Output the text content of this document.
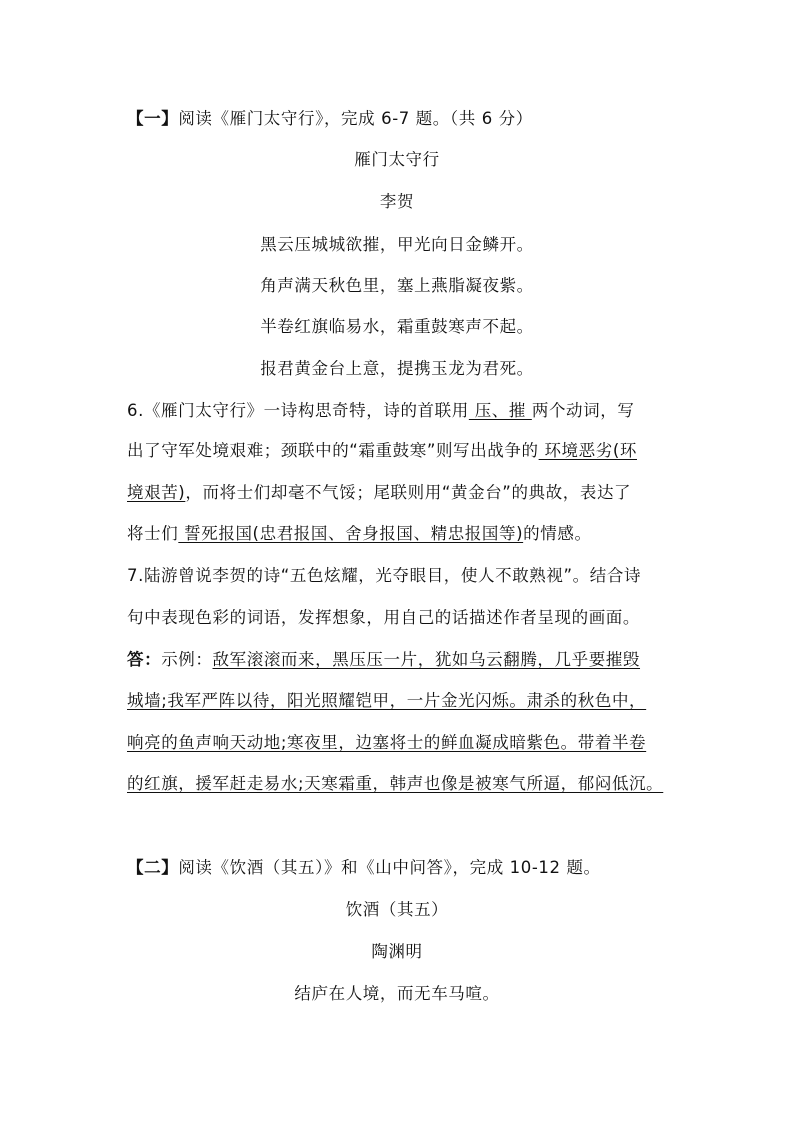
【一】阅读《雁门太守行》，完成 6-7 题。（共 6 分）
雁门太守行
李贺
黑云压城城欲摧，甲光向日金鳞开。
角声满天秋色里，塞上燕脂凝夜紫。
半卷红旗临易水，霜重鼓寒声不起。
报君黄金台上意，提携玉龙为君死。
6.《雁门太守行》一诗构思奇特，诗的首联用 压、摧 两个动词，写
出了守军处境艰难；颈联中的“霜重鼓寒”则写出战争的 环境恶劣(环
境艰苦)，而将士们却毫不气馁；尾联则用“黄金台”的典故，表达了
将士们 誓死报国(忠君报国、舍身报国、精忠报国等)的情感。
7.陆游曾说李贺的诗“五色炫耀，光夺眼目，使人不敢熟视”。结合诗
句中表现色彩的词语，发挥想象，用自己的话描述作者呈现的画面。
答：示例：敌军滚滚而来，黑压压一片，犹如乌云翻腾，几乎要摧毁
城墙;我军严阵以待，阳光照耀铠甲，一片金光闪烁。肃杀的秋色中，
响亮的鱼声响天动地;寒夜里，边塞将士的鲜血凝成暗紫色。带着半卷
的红旗，援军赶走易水;天寒霜重，韩声也像是被寒气所逼，郁闷低沉。
【二】阅读《饮酒（其五）》和《山中问答》，完成 10-12 题。
饮酒（其五）
陶渊明
结庐在人境，而无车马喧。
